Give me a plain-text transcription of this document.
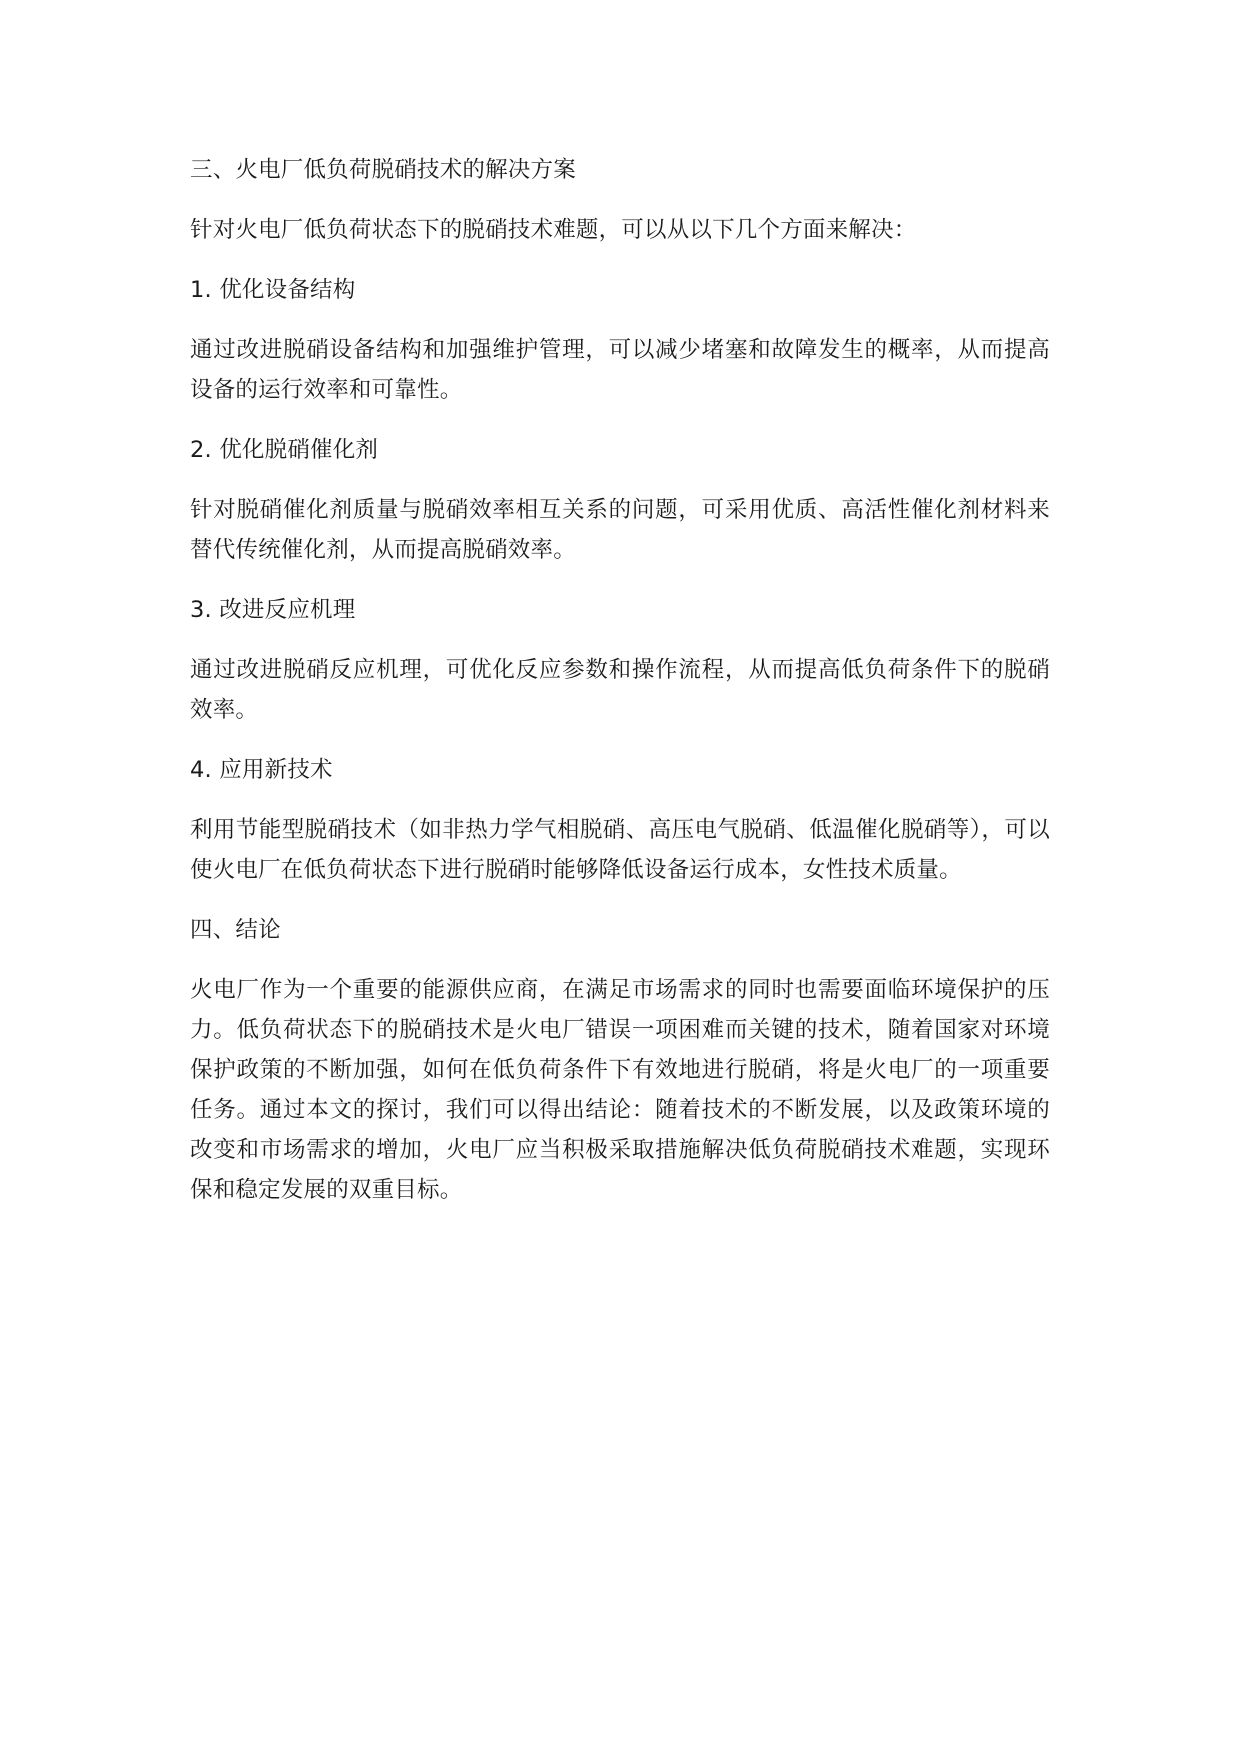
三、火电厂低负荷脱硝技术的解决方案

针对火电厂低负荷状态下的脱硝技术难题，可以从以下几个方面来解决：

1. 优化设备结构

通过改进脱硝设备结构和加强维护管理，可以减少堵塞和故障发生的概率，从而提高设备的运行效率和可靠性。

2. 优化脱硝催化剂

针对脱硝催化剂质量与脱硝效率相互关系的问题，可采用优质、高活性催化剂材料来替代传统催化剂，从而提高脱硝效率。

3. 改进反应机理

通过改进脱硝反应机理，可优化反应参数和操作流程，从而提高低负荷条件下的脱硝效率。

4. 应用新技术

利用节能型脱硝技术（如非热力学气相脱硝、高压电气脱硝、低温催化脱硝等），可以使火电厂在低负荷状态下进行脱硝时能够降低设备运行成本，女性技术质量。

四、结论

火电厂作为一个重要的能源供应商，在满足市场需求的同时也需要面临环境保护的压力。低负荷状态下的脱硝技术是火电厂错误一项困难而关键的技术，随着国家对环境保护政策的不断加强，如何在低负荷条件下有效地进行脱硝，将是火电厂的一项重要任务。通过本文的探讨，我们可以得出结论：随着技术的不断发展，以及政策环境的改变和市场需求的增加，火电厂应当积极采取措施解决低负荷脱硝技术难题，实现环保和稳定发展的双重目标。
